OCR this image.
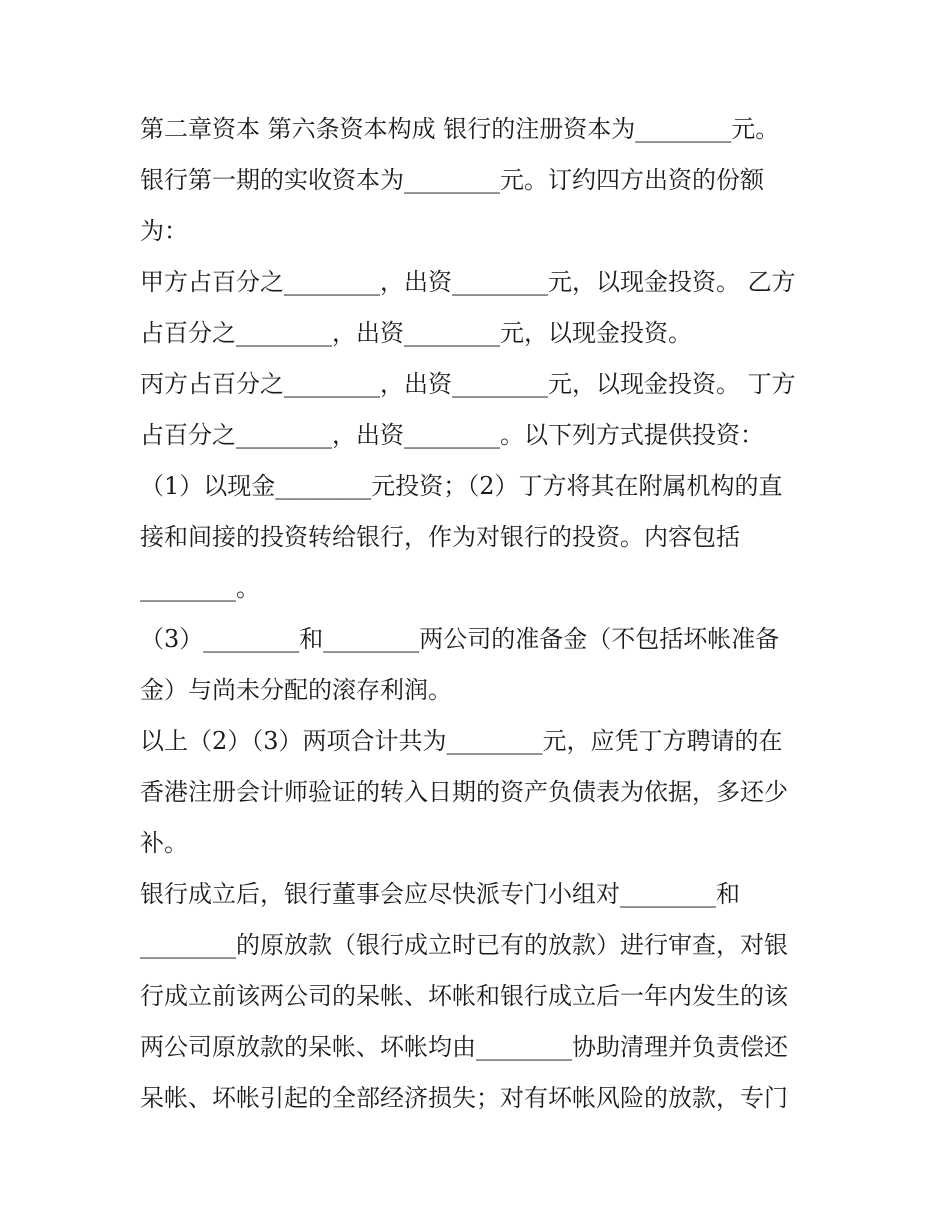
第二章资本 第六条资本构成 银行的注册资本为________元。
银行第一期的实收资本为________元。订约四方出资的份额
为：
甲方占百分之________，出资________元，以现金投资。 乙方
占百分之________，出资________元，以现金投资。
丙方占百分之________，出资________元，以现金投资。 丁方
占百分之________，出资________。以下列方式提供投资：
（1）以现金________元投资；（2）丁方将其在附属机构的直
接和间接的投资转给银行，作为对银行的投资。内容包括
________。
（3）________和________两公司的准备金（不包括坏帐准备
金）与尚未分配的滚存利润。
以上（2）（3）两项合计共为________元，应凭丁方聘请的在
香港注册会计师验证的转入日期的资产负债表为依据，多还少
补。
银行成立后，银行董事会应尽快派专门小组对________和
________的原放款（银行成立时已有的放款）进行审查，对银
行成立前该两公司的呆帐、坏帐和银行成立后一年内发生的该
两公司原放款的呆帐、坏帐均由________协助清理并负责偿还
呆帐、坏帐引起的全部经济损失；对有坏帐风险的放款，专门
